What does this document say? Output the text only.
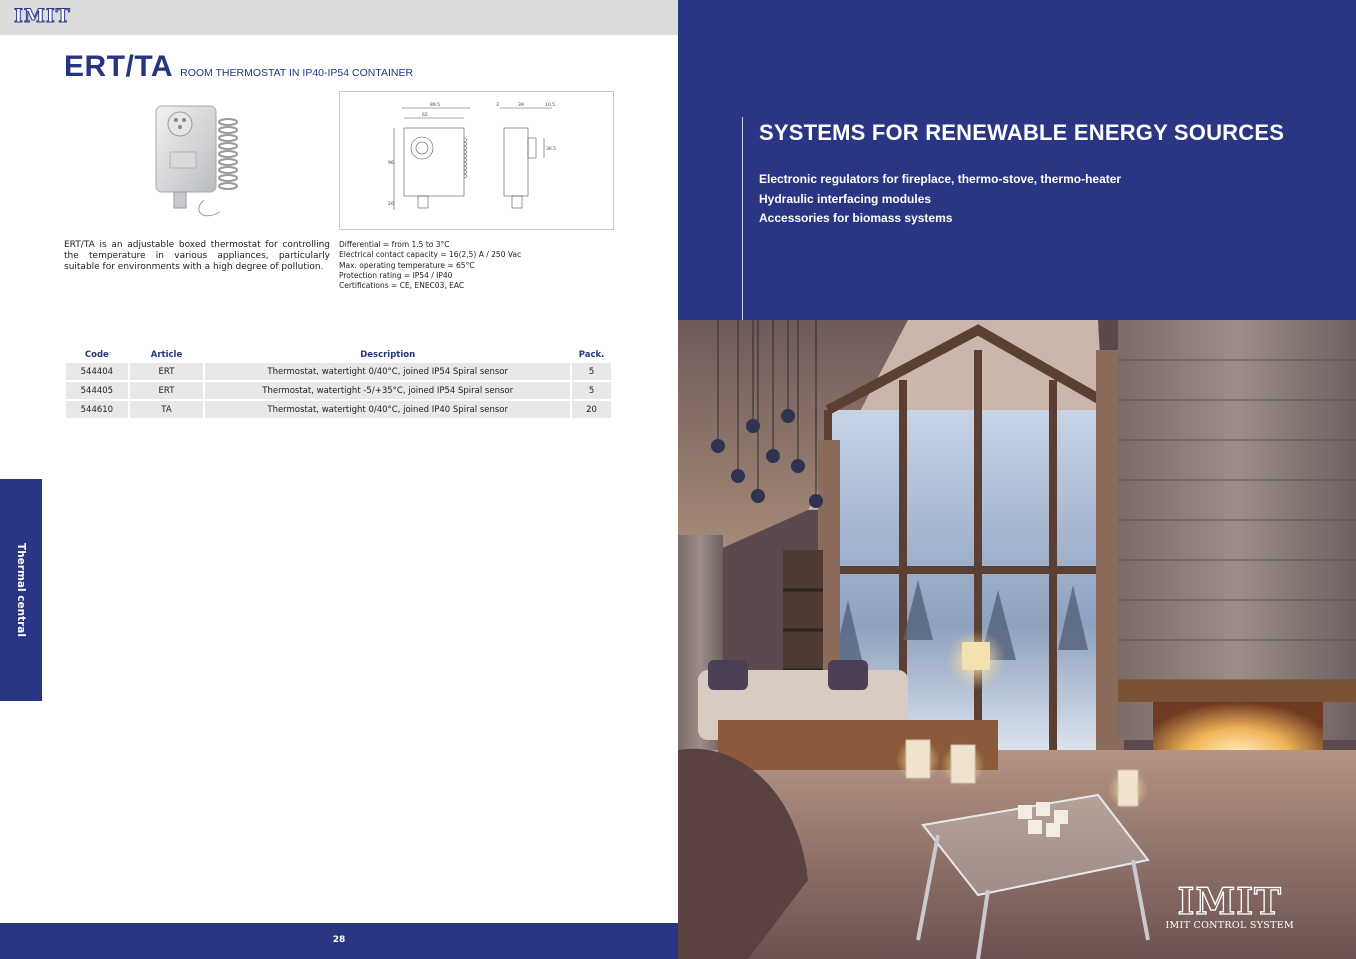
IMIT
ERT/TA ROOM THERMOSTAT IN IP40-IP54 CONTAINER
89.5
62
3	39	10.5
96
36.5
20

ERT/TA is an adjustable boxed thermostat for controlling the temperature in various appliances, particularly suitable for environments with a high degree of pollution.

Differential = from 1.5 to 3°C
Electrical contact capacity = 16(2,5) A / 250 Vac
Max. operating temperature = 65°C
Protection rating = IP54 / IP40
Certifications = CE, ENEC03, EAC
Code	Article	Description	Pack.
544404	ERT	Thermostat, watertight 0/40°C, joined IP54 Spiral sensor	5
544405	ERT	Thermostat, watertight -5/+35°C, joined IP54 Spiral sensor	5
544610	TA	Thermostat, watertight 0/40°C, joined IP40 Spiral sensor	20
Thermal central
28
SYSTEMS FOR RENEWABLE ENERGY SOURCES
Electronic regulators for fireplace, thermo-stove, thermo-heater
Hydraulic interfacing modules
Accessories for biomass systems
IMIT
IMIT CONTROL SYSTEM
